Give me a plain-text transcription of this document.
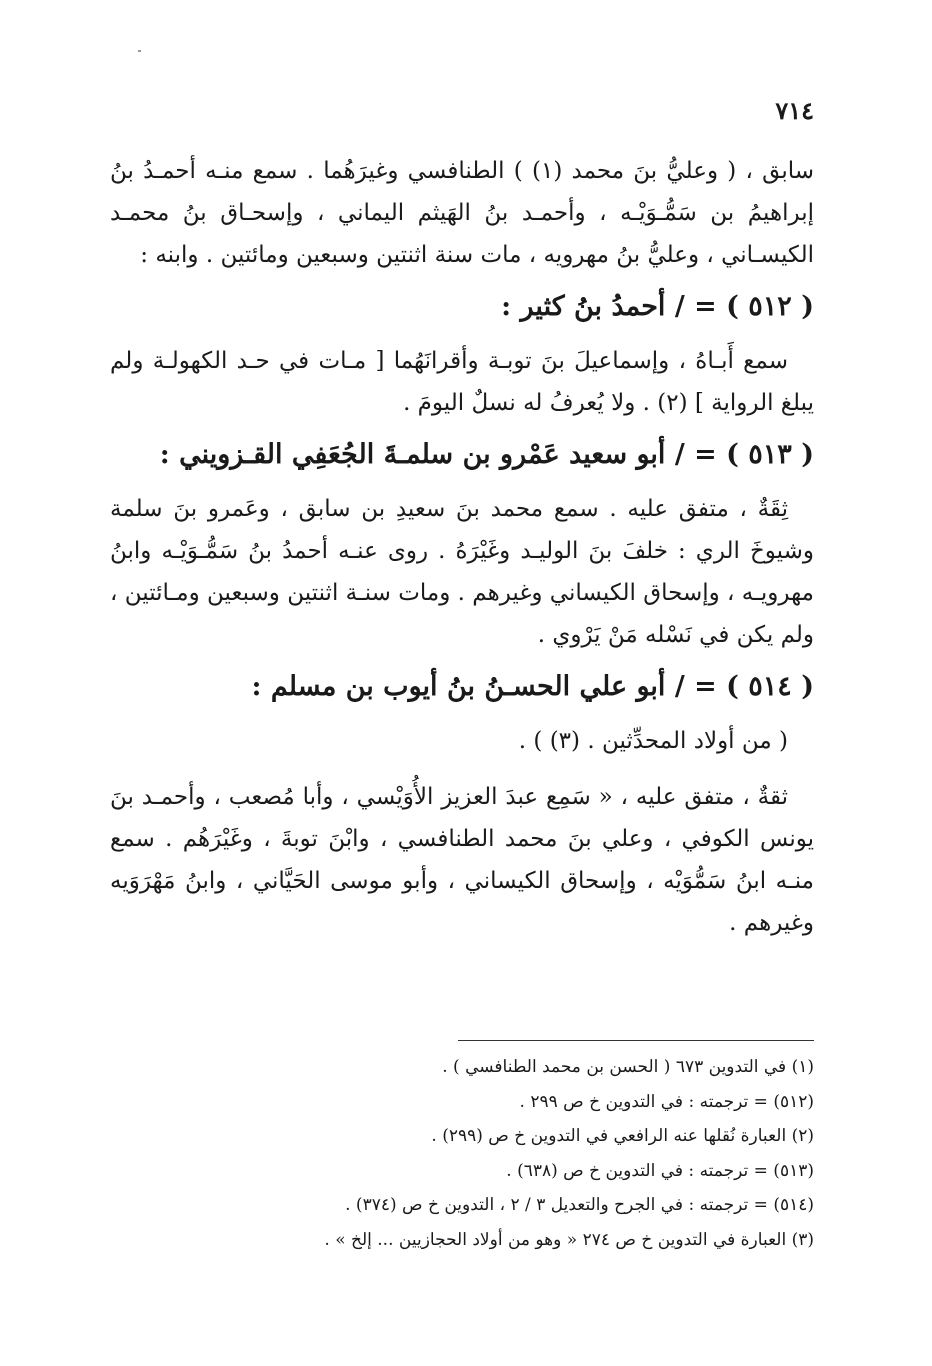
٧١٤

سابق ، ( وعليُّ بنَ محمد (١) ) الطنافسي وغيرَهُما . سمع منـه أحمـدُ بنُ إبراهيمُ بن سَمُّـوَيْـه ، وأحمـد بنُ الهَيثم اليماني ، وإسحـاق بنُ محمـد الكيسـاني ، وعليُّ بنُ مهرويه ، مات سنة اثنتين وسبعين ومائتين . وابنه :

( ٥١٢ ) = / أحمدُ بنُ كثير :

سمع أَبـاهُ ، وإسماعيلَ بنَ توبـة وأقرانَهُما [ مـات في حـد الكهولـة ولم يبلغ الرواية ] (٢) . ولا يُعرفُ له نسلٌ اليومَ .

( ٥١٣ ) = / أبو سعيد عَمْرو بن سلمـةَ الجُعَفِي القـزويني :

ثِقَةٌ ، متفق عليه . سمع محمد بنَ سعيدِ بن سابق ، وعَمرو بنَ سلمة وشيوخَ الري : خلفَ بنَ الوليـد وغَيْرَهُ . روى عنـه أحمدُ بنُ سَمُّـوَيْـه وابنُ مهرويـه ، وإسحاق الكيساني وغيرهم . ومات سنـة اثنتين وسبعين ومـائتين ، ولم يكن في نَسْله مَنْ يَرْوي .

( ٥١٤ ) = / أبو علي الحسـنُ بنُ أيوب بن مسلم :

( من أولاد المحدِّثين . (٣) ) .

ثقةٌ ، متفق عليه ، « سَمِع عبدَ العزيز الأُوَيْسي ، وأبا مُصعب ، وأحمـد بنَ يونس الكوفي ، وعلي بنَ محمد الطنافسي ، وابْنَ توبةَ ، وغَيْرَهُم . سمع منـه ابنُ سَمُّوَيْه ، وإسحاق الكيساني ، وأبو موسى الحَيَّاني ، وابنُ مَهْرَوَيه وغيرهم .

(١) في التدوين ٦٧٣ ( الحسن بن محمد الطنافسي ) .
(٥١٢) = ترجمته : في التدوين خ ص ٢٩٩ .
(٢) العبارة نُقلها عنه الرافعي في التدوين خ ص (٢٩٩) .
(٥١٣) = ترجمته : في التدوين خ ص (٦٣٨) .
(٥١٤) = ترجمته : في الجرح والتعديل ٣ / ٢ ، التدوين خ ص (٣٧٤) .
(٣) العبارة في التدوين خ ص ٢٧٤ « وهو من أولاد الحجازيين ... إلخ » .
